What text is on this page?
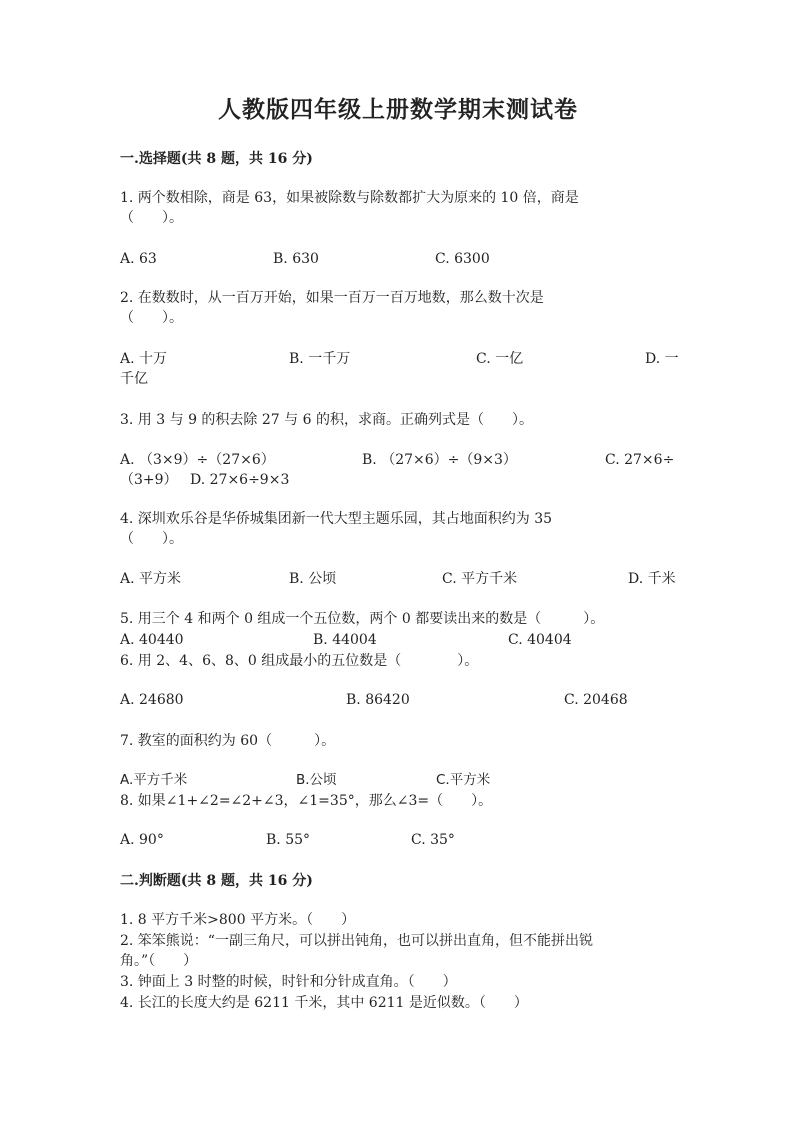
人教版四年级上册数学期末测试卷
一.选择题(共 8 题，共 16 分)
1. 两个数相除，商是 63，如果被除数与除数都扩大为原来的 10 倍，商是
（　　）。
A. 63	B. 630	C. 6300
2. 在数数时，从一百万开始，如果一百万一百万地数，那么数十次是
（　　）。
A. 十万	B. 一千万	C. 一亿	D. 一
千亿
3. 用 3 与 9 的积去除 27 与 6 的积，求商。正确列式是（　　）。
A. （3×9）÷（27×6）	B. （27×6）÷（9×3）	C. 27×6÷
（3+9） D. 27×6÷9×3
4. 深圳欢乐谷是华侨城集团新一代大型主题乐园，其占地面积约为 35
（　　）。
A. 平方米	B. 公顷	C. 平方千米	D. 千米
5. 用三个 4 和两个 0 组成一个五位数，两个 0 都要读出来的数是（　　　）。
A. 40440	B. 44004	C. 40404
6. 用 2、4、6、8、0 组成最小的五位数是（　　　　）。
A. 24680	B. 86420	C. 20468
7. 教室的面积约为 60（　　　）。
A.平方千米	B.公顷	C.平方米
8. 如果∠1+∠2=∠2+∠3，∠1=35°，那么∠3=（　　）。
A. 90°	B. 55°	C. 35°
二.判断题(共 8 题，共 16 分)
1. 8 平方千米>800 平方米。（　　）
2. 笨笨熊说：“一副三角尺，可以拼出钝角，也可以拼出直角，但不能拼出锐
角。”（　　）
3. 钟面上 3 时整的时候，时针和分针成直角。（　　）
4. 长江的长度大约是 6211 千米，其中 6211 是近似数。（　　）
